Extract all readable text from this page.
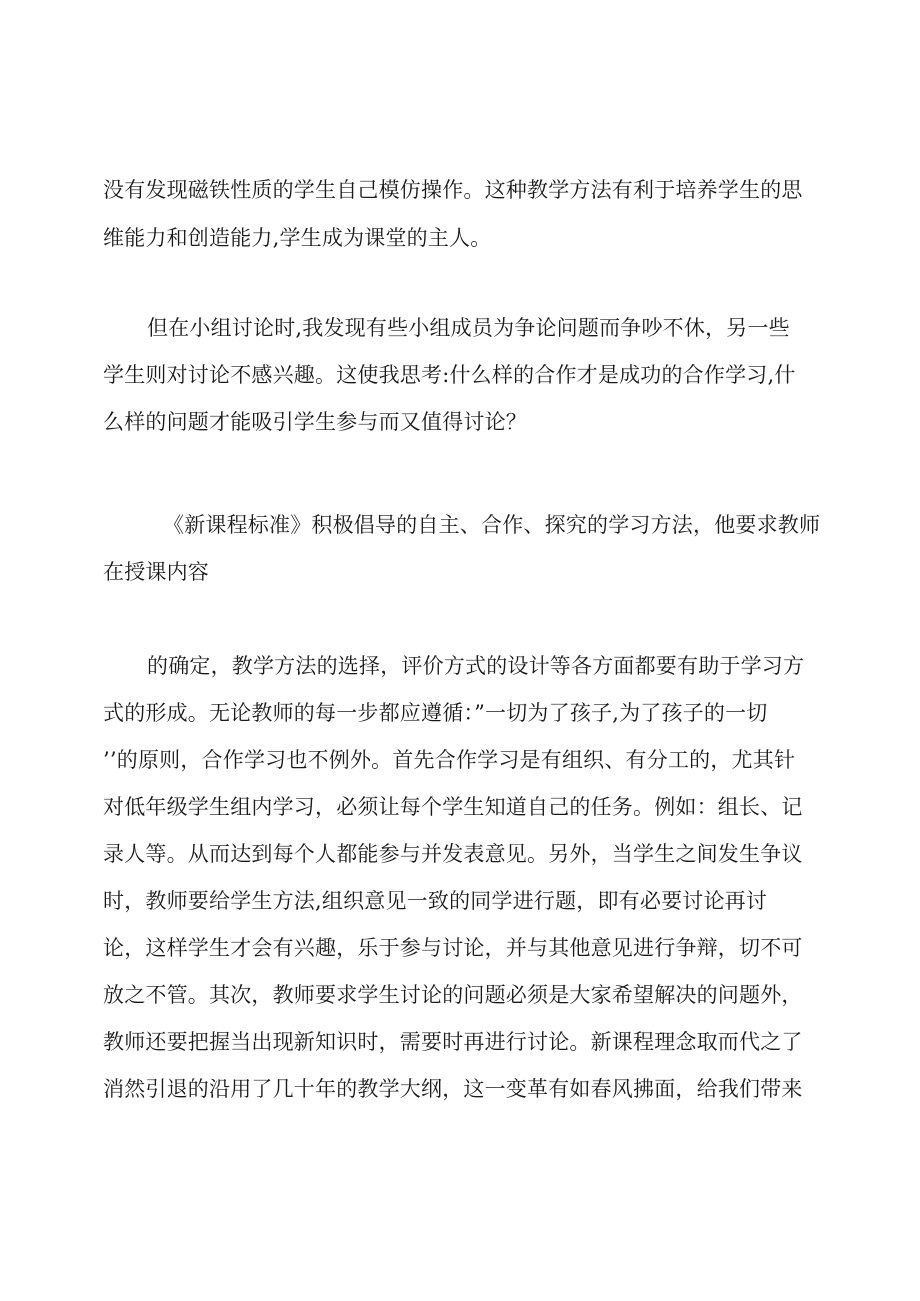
没有发现磁铁性质的学生自己模仿操作。这种教学方法有利于培养学生的思
维能力和创造能力,学生成为课堂的主人。
但在小组讨论时,我发现有些小组成员为争论问题而争吵不休，另一些
学生则对讨论不感兴趣。这使我思考:什么样的合作才是成功的合作学习,什
么样的问题才能吸引学生参与而又值得讨论？
《新课程标准》积极倡导的自主、合作、探究的学习方法，他要求教师
在授课内容
的确定，教学方法的选择，评价方式的设计等各方面都要有助于学习方
式的形成。无论教师的每一步都应遵循：”一切为了孩子,为了孩子的一切
’’的原则，合作学习也不例外。首先合作学习是有组织、有分工的，尤其针
对低年级学生组内学习，必须让每个学生知道自己的任务。例如：组长、记
录人等。从而达到每个人都能参与并发表意见。另外，当学生之间发生争议
时，教师要给学生方法,组织意见一致的同学进行题，即有必要讨论再讨
论，这样学生才会有兴趣，乐于参与讨论，并与其他意见进行争辩，切不可
放之不管。其次，教师要求学生讨论的问题必须是大家希望解决的问题外，
教师还要把握当出现新知识时，需要时再进行讨论。新课程理念取而代之了
消然引退的沿用了几十年的教学大纲，这一变革有如春风拂面，给我们带来
